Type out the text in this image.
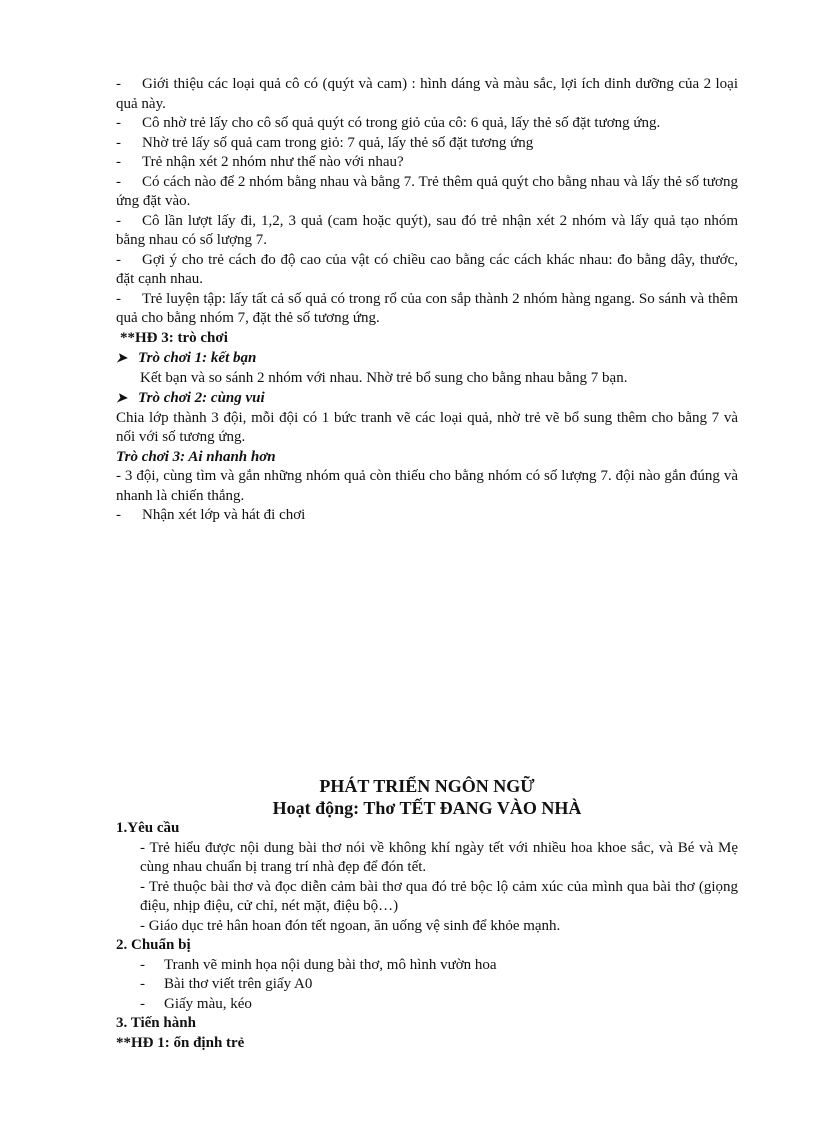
- Giới thiệu các loại quả cô có (quýt và cam) : hình dáng và màu sắc, lợi ích dinh dưỡng của 2 loại quả này.

- Cô nhờ trẻ lấy cho cô số quả quýt có trong giỏ của cô: 6 quả, lấy thẻ số đặt tương ứng.

- Nhờ trẻ lấy số quả cam trong giỏ: 7 quả, lấy thẻ số đặt tương ứng

- Trẻ nhận xét 2 nhóm như thế nào với nhau?

- Có cách nào để 2 nhóm bằng nhau và bằng 7. Trẻ thêm quả quýt cho bằng nhau và lấy thẻ số tương ứng đặt vào.

- Cô lần lượt lấy đi, 1,2, 3 quả (cam hoặc quýt), sau đó trẻ nhận xét 2 nhóm và lấy quả tạo nhóm bằng nhau có số lượng 7.

- Gợi ý cho trẻ cách đo độ cao của vật có chiều cao bằng các cách khác nhau: đo bằng dây, thước, đặt cạnh nhau.

- Trẻ luyện tập: lấy tất cả số quả có trong rổ của con sắp thành 2 nhóm hàng ngang. So sánh và thêm quả cho bằng nhóm 7, đặt thẻ số tương ứng.

**HĐ 3: trò chơi

➤ Trò chơi 1: kết bạn

Kết bạn và so sánh 2 nhóm với nhau. Nhờ trẻ bổ sung cho bằng nhau bằng 7 bạn.

➤ Trò chơi 2: cùng vui

Chia lớp thành 3 đội, mỗi đội có 1 bức tranh vẽ các loại quả, nhờ trẻ vẽ bổ sung thêm cho bằng 7 và nối với số tương ứng.

Trò chơi 3: Ai nhanh hơn

- 3 đội, cùng tìm và gắn những nhóm quả còn thiếu cho bằng nhóm có số lượng 7. đội nào gắn đúng và nhanh là chiến thắng.

- Nhận xét lớp và hát đi chơi

PHÁT TRIỂN NGÔN NGỮ

Hoạt động: Thơ TẾT ĐANG VÀO NHÀ

1.Yêu cầu

- Trẻ hiểu được nội dung bài thơ nói về không khí ngày tết với nhiều hoa khoe sắc, và Bé và Mẹ cùng nhau chuẩn bị trang trí nhà đẹp để đón tết.

- Trẻ thuộc bài thơ và đọc diễn cảm bài thơ qua đó trẻ bộc lộ cảm xúc của mình qua bài thơ (giọng điệu, nhịp điệu, cử chỉ, nét mặt, điệu bộ…)

- Giáo dục trẻ hân hoan đón tết ngoan, ăn uống vệ sinh để khỏe mạnh.

2. Chuẩn bị

- Tranh vẽ minh họa nội dung bài thơ, mô hình vườn hoa

- Bài thơ viết trên giấy A0

- Giấy màu, kéo

3. Tiến hành

**HĐ 1: ổn định trẻ
